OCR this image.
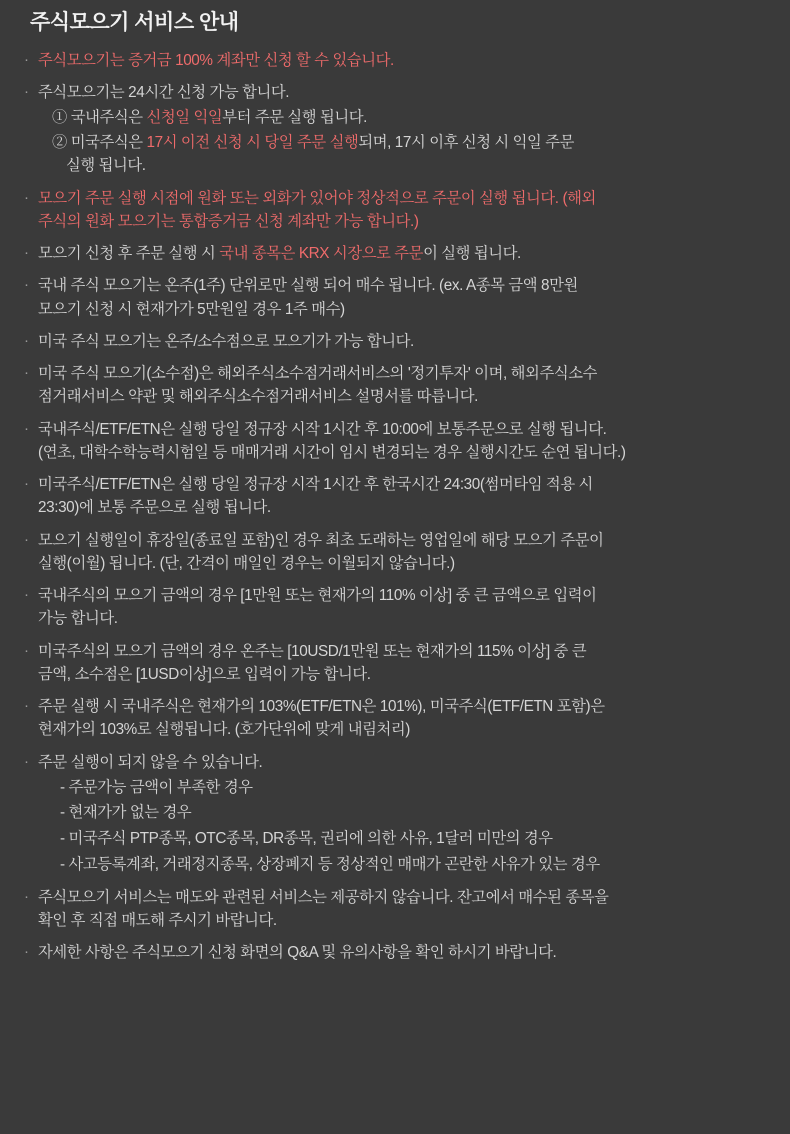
주식모으기 서비스 안내
· 주식모으기는 증거금 100% 계좌만 신청 할 수 있습니다.
· 주식모으기는 24시간 신청 가능 합니다.
① 국내주식은 신청일 익일부터 주문 실행 됩니다.
② 미국주식은 17시 이전 신청 시 당일 주문 실행되며, 17시 이후 신청 시 익일 주문

실행 됩니다.
· 모으기 주문 실행 시점에 원화 또는 외화가 있어야 정상적으로 주문이 실행 됩니다. (해외
주식의 원화 모으기는 통합증거금 신청 계좌만 가능 합니다.)
· 모으기 신청 후 주문 실행 시 국내 종목은 KRX 시장으로 주문이 실행 됩니다.
· 국내 주식 모으기는 온주(1주) 단위로만 실행 되어 매수 됩니다. (ex. A종목 금액 8만원
모으기 신청 시 현재가가 5만원일 경우 1주 매수)
· 미국 주식 모으기는 온주/소수점으로 모으기가 가능 합니다.
· 미국 주식 모으기(소수점)은 해외주식소수점거래서비스의 '정기투자' 이며, 해외주식소수
점거래서비스 약관 및 해외주식소수점거래서비스 설명서를 따릅니다.
· 국내주식/ETF/ETN은 실행 당일 정규장 시작 1시간 후 10:00에 보통주문으로 실행 됩니다.
(연초, 대학수학능력시험일 등 매매거래 시간이 임시 변경되는 경우 실행시간도 순연 됩니다.)
· 미국주식/ETF/ETN은 실행 당일 정규장 시작 1시간 후 한국시간 24:30(썸머타임 적용 시
23:30)에 보통 주문으로 실행 됩니다.
· 모으기 실행일이 휴장일(종료일 포함)인 경우 최초 도래하는 영업일에 해당 모으기 주문이
실행(이월) 됩니다. (단, 간격이 매일인 경우는 이월되지 않습니다.)
· 국내주식의 모으기 금액의 경우 [1만원 또는 현재가의 110% 이상] 중 큰 금액으로 입력이
가능 합니다.
· 미국주식의 모으기 금액의 경우 온주는 [10USD/1만원 또는 현재가의 115% 이상] 중 큰
금액, 소수점은 [1USD이상]으로 입력이 가능 합니다.
· 주문 실행 시 국내주식은 현재가의 103%(ETF/ETN은 101%), 미국주식(ETF/ETN 포함)은
현재가의 103%로 실행됩니다. (호가단위에 맞게 내림처리)
· 주문 실행이 되지 않을 수 있습니다.
- 주문가능 금액이 부족한 경우
- 현재가가 없는 경우
- 미국주식 PTP종목, OTC종목, DR종목, 권리에 의한 사유, 1달러 미만의 경우
- 사고등록계좌, 거래정지종목, 상장폐지 등 정상적인 매매가 곤란한 사유가 있는 경우
· 주식모으기 서비스는 매도와 관련된 서비스는 제공하지 않습니다. 잔고에서 매수된 종목을
확인 후 직접 매도해 주시기 바랍니다.
· 자세한 사항은 주식모으기 신청 화면의 Q&A 및 유의사항을 확인 하시기 바랍니다.
